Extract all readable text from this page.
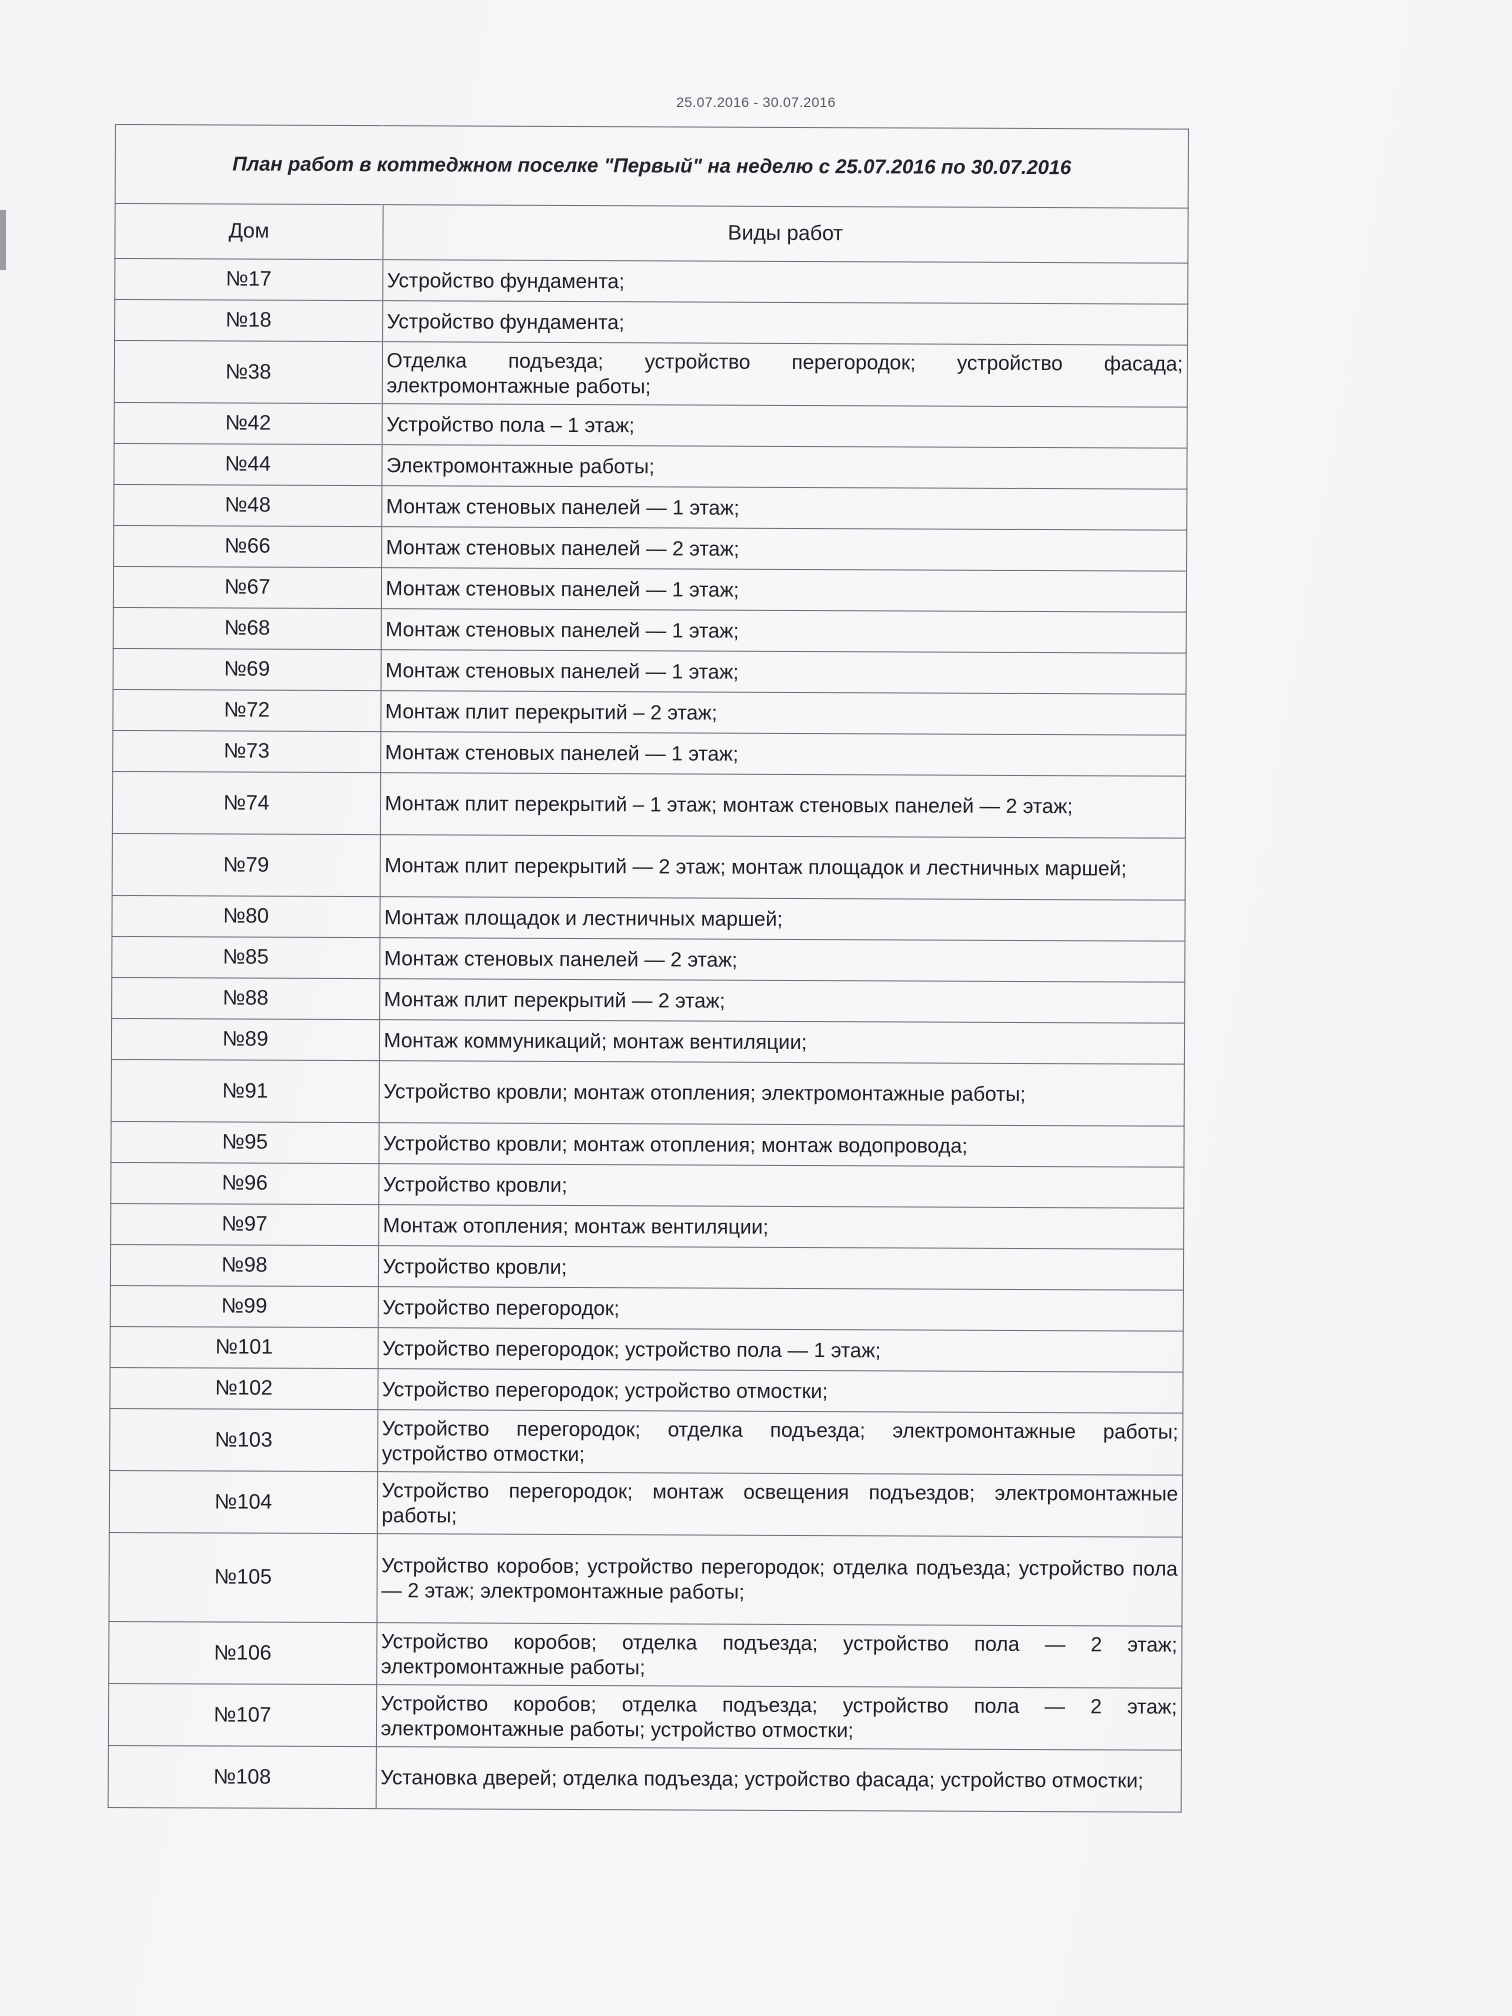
25.07.2016 - 30.07.2016
План работ в коттеджном поселке "Первый" на неделю с 25.07.2016 по 30.07.2016	
Дом	Виды работ
№17	Устройство фундамента;
№18	Устройство фундамента;
№38	Отделка подъезда; устройство перегородок; устройство фасада; электромонтажные работы;
№42	Устройство пола – 1 этаж;
№44	Электромонтажные работы;
№48	Монтаж стеновых панелей — 1 этаж;
№66	Монтаж стеновых панелей — 2 этаж;
№67	Монтаж стеновых панелей — 1 этаж;
№68	Монтаж стеновых панелей — 1 этаж;
№69	Монтаж стеновых панелей — 1 этаж;
№72	Монтаж плит перекрытий – 2 этаж;
№73	Монтаж стеновых панелей — 1 этаж;
№74	Монтаж плит перекрытий – 1 этаж; монтаж стеновых панелей — 2 этаж;
№79	Монтаж плит перекрытий — 2 этаж; монтаж площадок и лестничных маршей;
№80	Монтаж площадок и лестничных маршей;
№85	Монтаж стеновых панелей — 2 этаж;
№88	Монтаж плит перекрытий — 2 этаж;
№89	Монтаж коммуникаций; монтаж вентиляции;
№91	Устройство кровли; монтаж отопления; электромонтажные работы;
№95	Устройство кровли; монтаж отопления; монтаж водопровода;
№96	Устройство кровли;
№97	Монтаж отопления; монтаж вентиляции;
№98	Устройство кровли;
№99	Устройство перегородок;
№101	Устройство перегородок; устройство пола — 1 этаж;
№102	Устройство перегородок; устройство отмостки;
№103	Устройство перегородок; отделка подъезда; электромонтажные работы; устройство отмостки;
№104	Устройство перегородок; монтаж освещения подъездов; электромонтажные работы;
№105	Устройство коробов; устройство перегородок; отделка подъезда; устройство пола — 2 этаж; электромонтажные работы;
№106	Устройство коробов; отделка подъезда; устройство пола — 2 этаж; электромонтажные работы;
№107	Устройство коробов; отделка подъезда; устройство пола — 2 этаж; электромонтажные работы; устройство отмостки;
№108	Установка дверей; отделка подъезда; устройство фасада; устройство отмостки;
